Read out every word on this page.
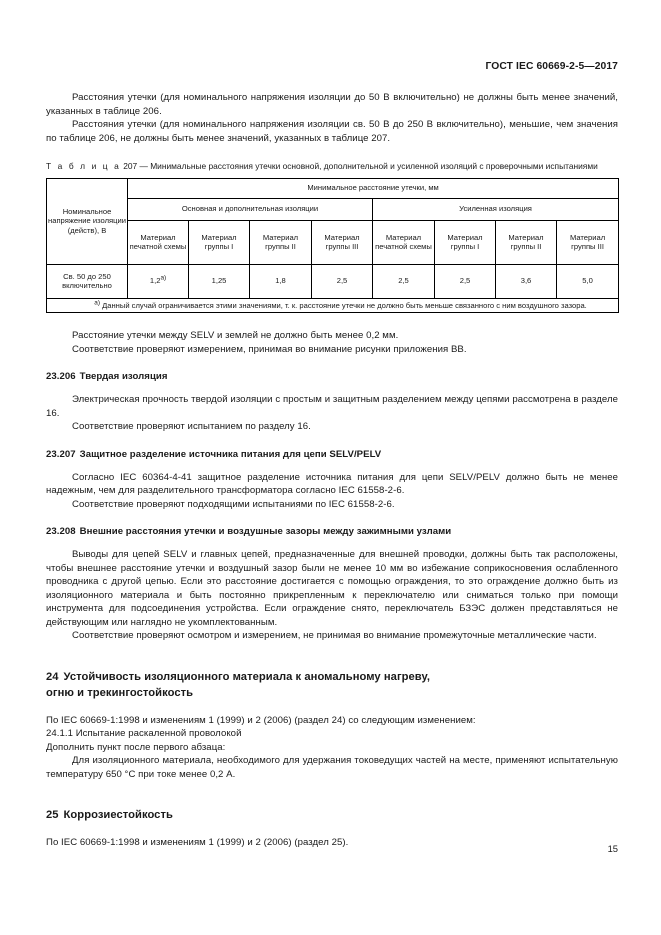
ГОСТ IEC 60669-2-5—2017

Расстояния утечки (для номинального напряжения изоляции до 50 В включительно) не должны быть менее значений, указанных в таблице 206.

Расстояния утечки (для номинального напряжения изоляции св. 50 В до 250 В включительно), меньшие, чем значения по таблице 206, не должны быть менее значений, указанных в таблице 207.

Т а б л и ц а 207 — Минимальные расстояния утечки основной, дополнительной и усиленной изоляций с проверочными испытаниями

Номинальное напряжение изоляции (действ), В	Минимальное расстояние утечки, мм							
	Основная и дополнительная изоляции				Усиленная изоляция			
	Материал печатной схемы	Материал группы I	Материал группы II	Материал группы III	Материал печатной схемы	Материал группы I	Материал группы II	Материал группы III
Св. 50 до 250 включительно	1,2$^{а)}$	1,25	1,8	2,5	2,5	2,5	3,6	5,0
$^{а)}$ Данный случай ограничивается этими значениями, т. к. расстояние утечки не должно быть меньше связанного с ним воздушного зазора.								

Расстояние утечки между SELV и землей не должно быть менее 0,2 мм.

Соответствие проверяют измерением, принимая во внимание рисунки приложения ВВ.

23.206 Твердая изоляция

Электрическая прочность твердой изоляции с простым и защитным разделением между цепями рассмотрена в разделе 16.

Соответствие проверяют испытанием по разделу 16.

23.207 Защитное разделение источника питания для цепи SELV/PELV

Согласно IEC 60364-4-41 защитное разделение источника питания для цепи SELV/PELV должно быть не менее надежным, чем для разделительного трансформатора согласно IEC 61558-2-6.

Соответствие проверяют подходящими испытаниями по IEC 61558-2-6.

23.208 Внешние расстояния утечки и воздушные зазоры между зажимными узлами

Выводы для цепей SELV и главных цепей, предназначенные для внешней проводки, должны быть так расположены, чтобы внешнее расстояние утечки и воздушный зазор были не менее 10 мм во избежание соприкосновения ослабленного проводника с другой цепью. Если это расстояние достигается с помощью ограждения, то это ограждение должно быть из изоляционного материала и быть постоянно прикрепленным к переключателю или сниматься только при помощи инструмента для подсоединения устройства. Если ограждение снято, переключатель БЗЭС должен представляться не действующим или наглядно не укомплектованным.

Соответствие проверяют осмотром и измерением, не принимая во внимание промежуточные металлические части.

24 Устойчивость изоляционного материала к аномальному нагреву,
огню и трекингостойкость

По IEC 60669-1:1998 и изменениям 1 (1999) и 2 (2006) (раздел 24) со следующим изменением:

24.1.1 Испытание раскаленной проволокой

Дополнить пункт после первого абзаца:

Для изоляционного материала, необходимого для удержания токоведущих частей на месте, применяют испытательную температуру 650 °С при токе менее 0,2 А.

25 Коррозиестойкость

По IEC 60669-1:1998 и изменениям 1 (1999) и 2 (2006) (раздел 25).

15
